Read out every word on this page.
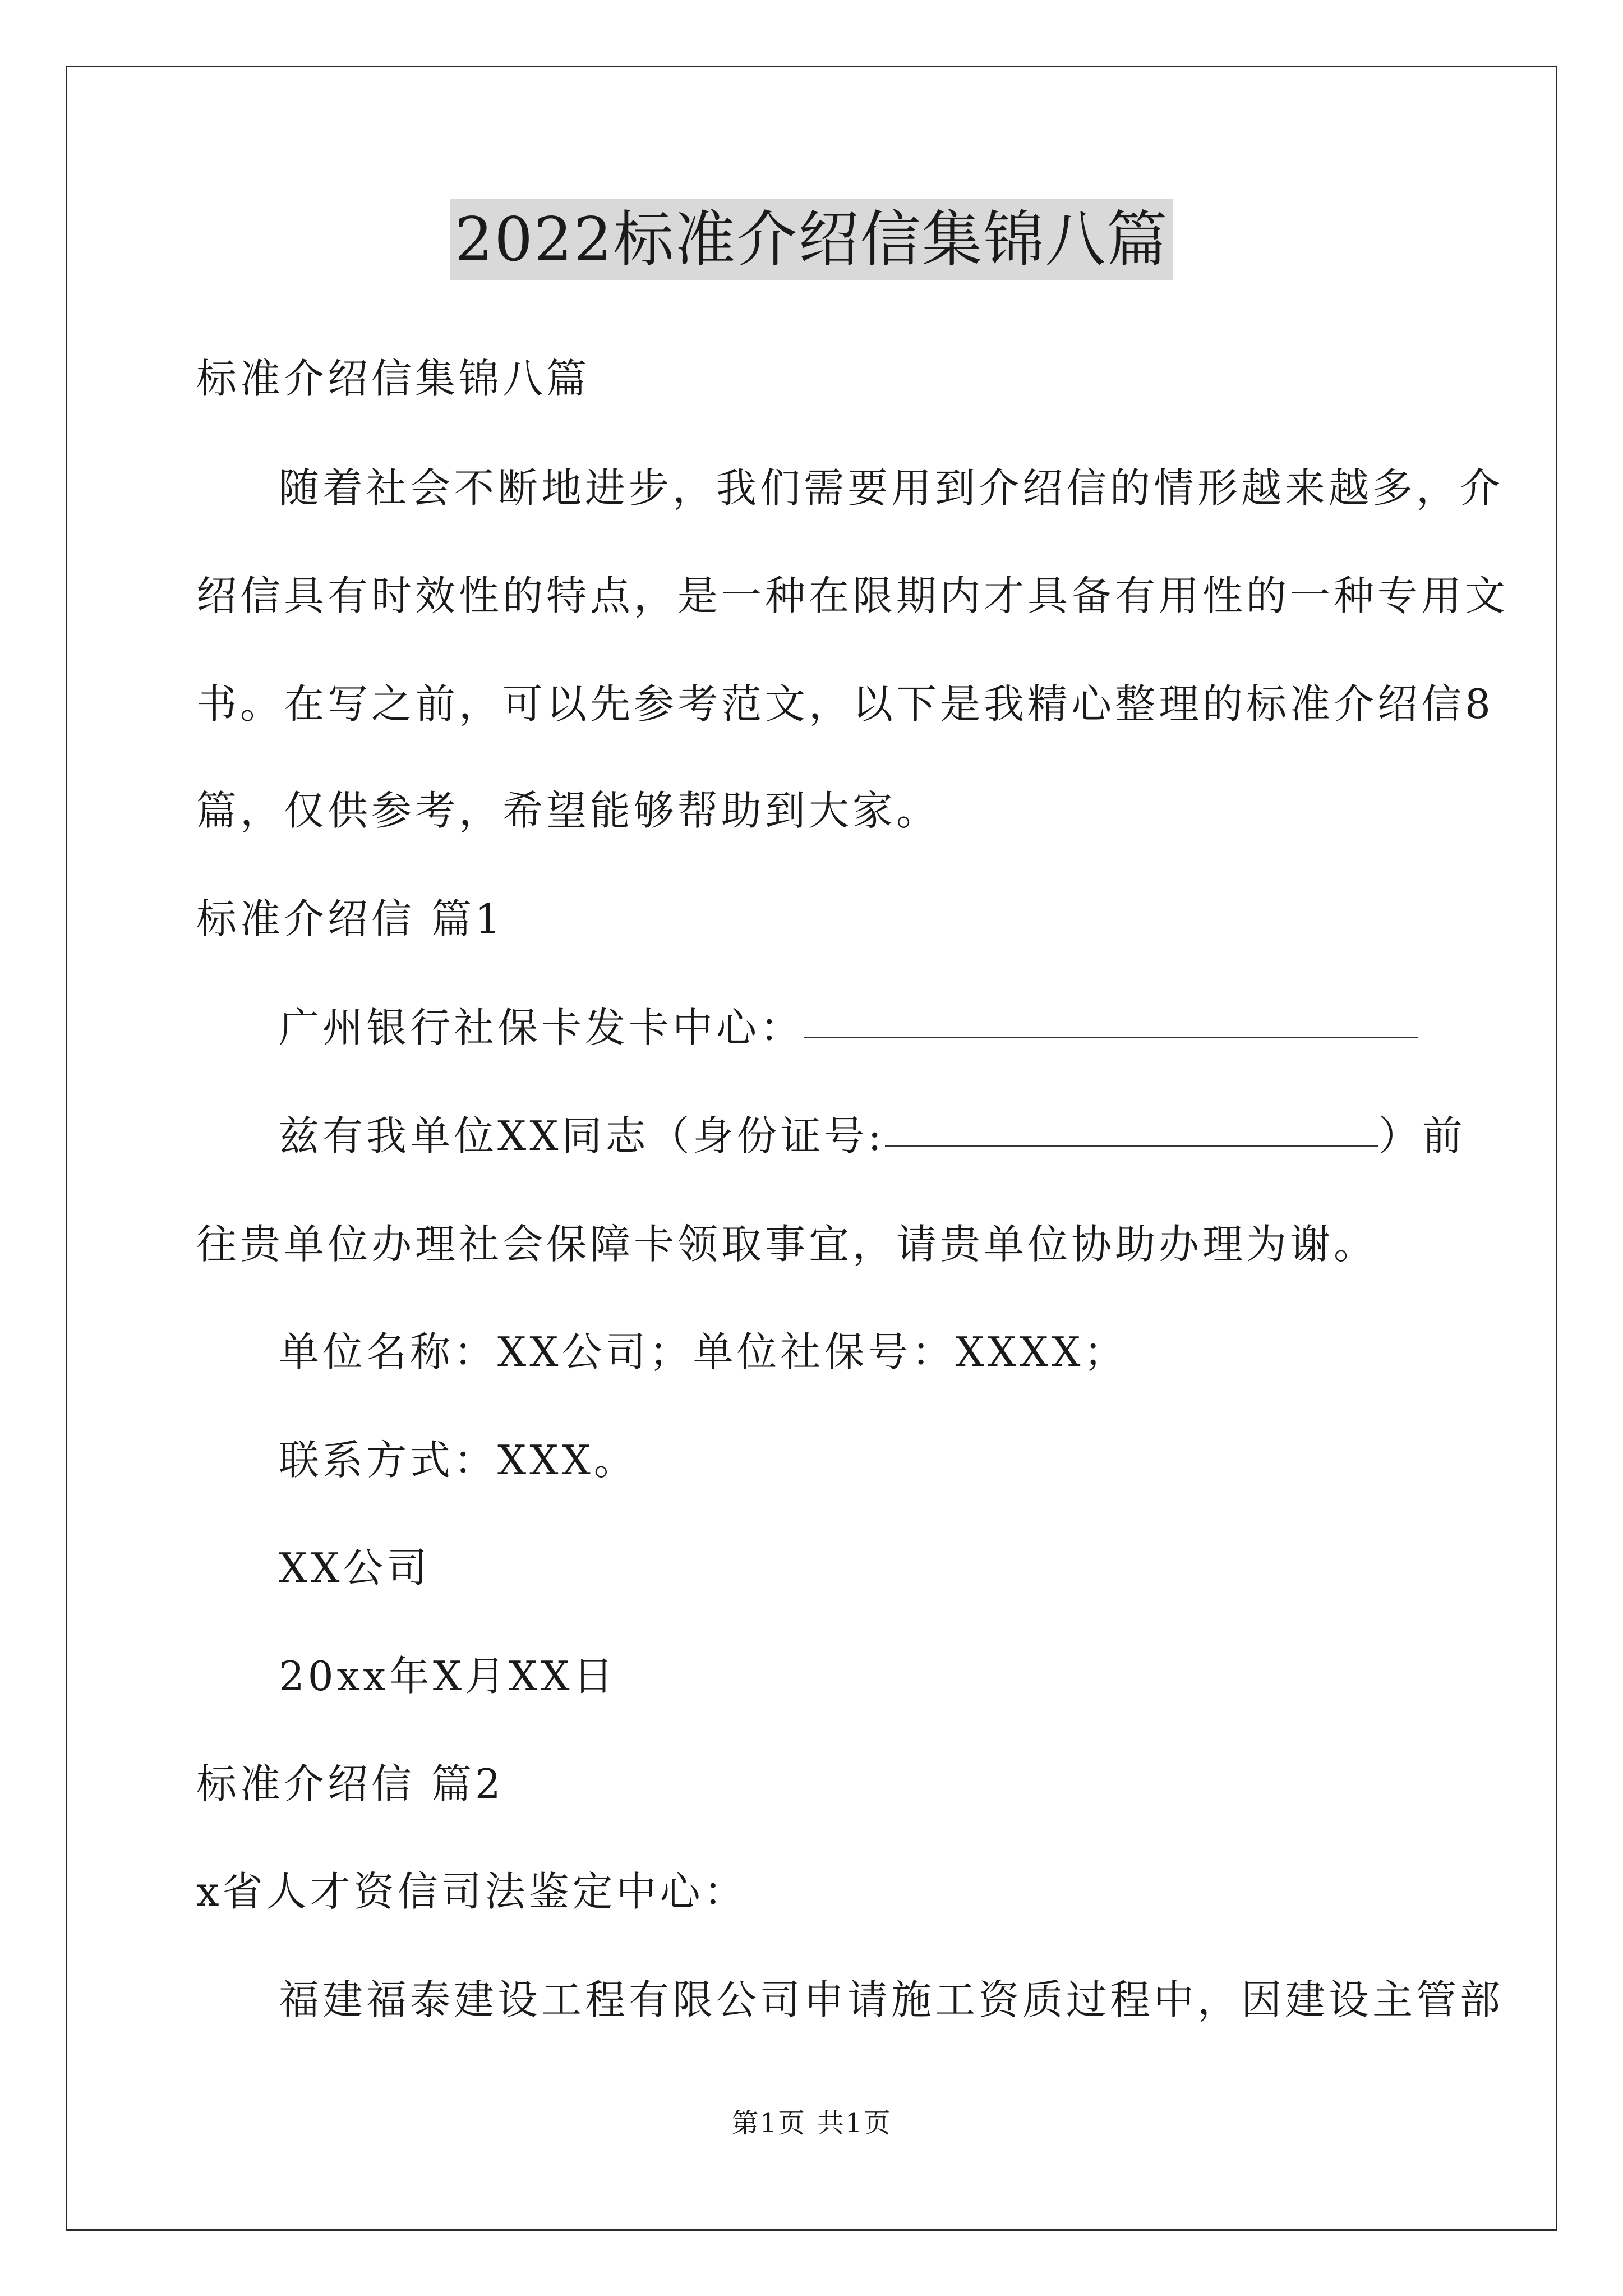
2022标准介绍信集锦八篇
标准介绍信集锦八篇
随着社会不断地进步，我们需要用到介绍信的情形越来越多，介
绍信具有时效性的特点，是一种在限期内才具备有用性的一种专用文
书。在写之前，可以先参考范文，以下是我精心整理的标准介绍信8
篇，仅供参考，希望能够帮助到大家。
标准介绍信 篇1
广州银行社保卡发卡中心：
兹有我单位XX同志（身份证号:	）前
往贵单位办理社会保障卡领取事宜，请贵单位协助办理为谢。
单位名称：XX公司；单位社保号：XXXX；
联系方式：XXX。
XX公司
20xx年X月XX日
标准介绍信 篇2
x省人才资信司法鉴定中心：
福建福泰建设工程有限公司申请施工资质过程中，因建设主管部
第1页 共1页
